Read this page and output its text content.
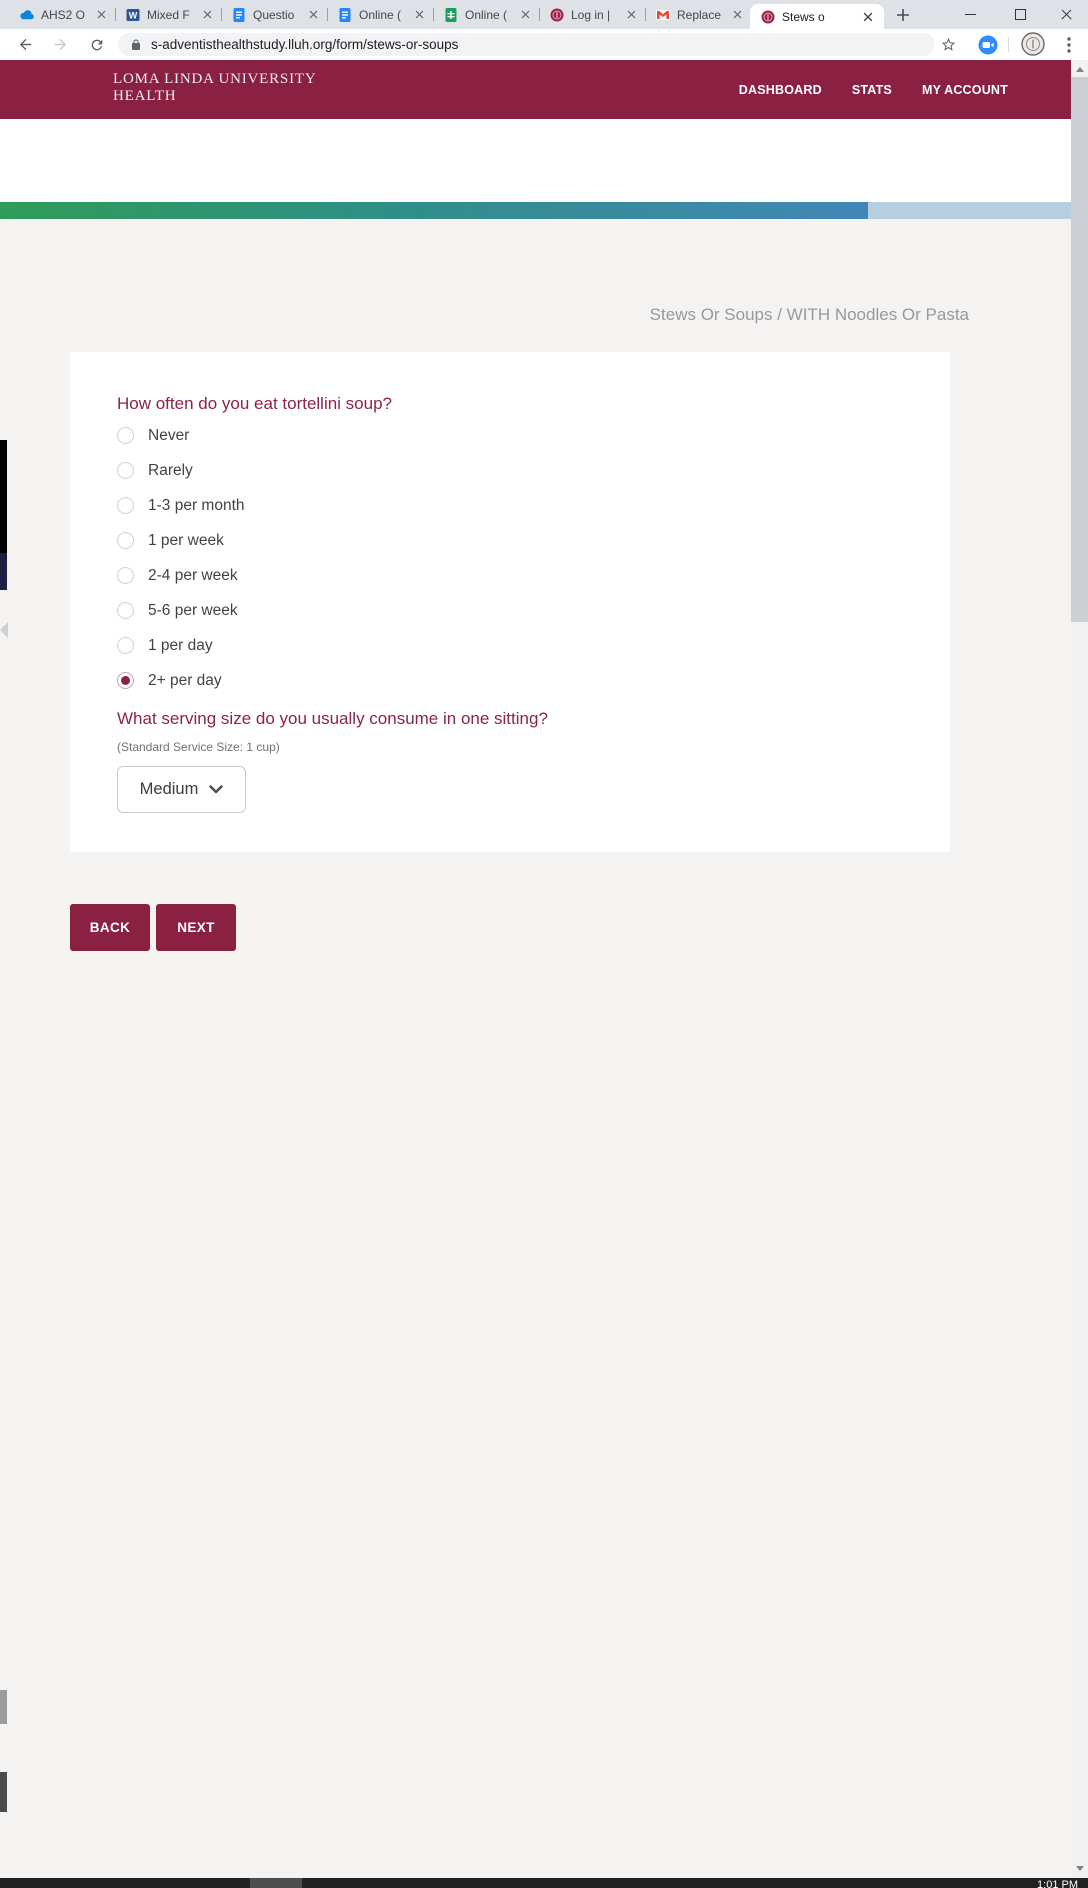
AHS2 O	W Mixed F	Questio	Online (	Online (	Log in |	Replace	Stews o
s-adventisthealthstudy.lluh.org/form/stews-or-soups
LOMA LINDA UNIVERSITY
HEALTH	DASHBOARD STATS MY ACCOUNT
Stews Or Soups / WITH Noodles Or Pasta
How often do you eat tortellini soup?
Never
Rarely
1-3 per month
1 per week
2-4 per week
5-6 per week
1 per day
2+ per day
What serving size do you usually consume in one sitting?
(Standard Service Size: 1 cup)
Medium
BACK	NEXT
1:01 PM
